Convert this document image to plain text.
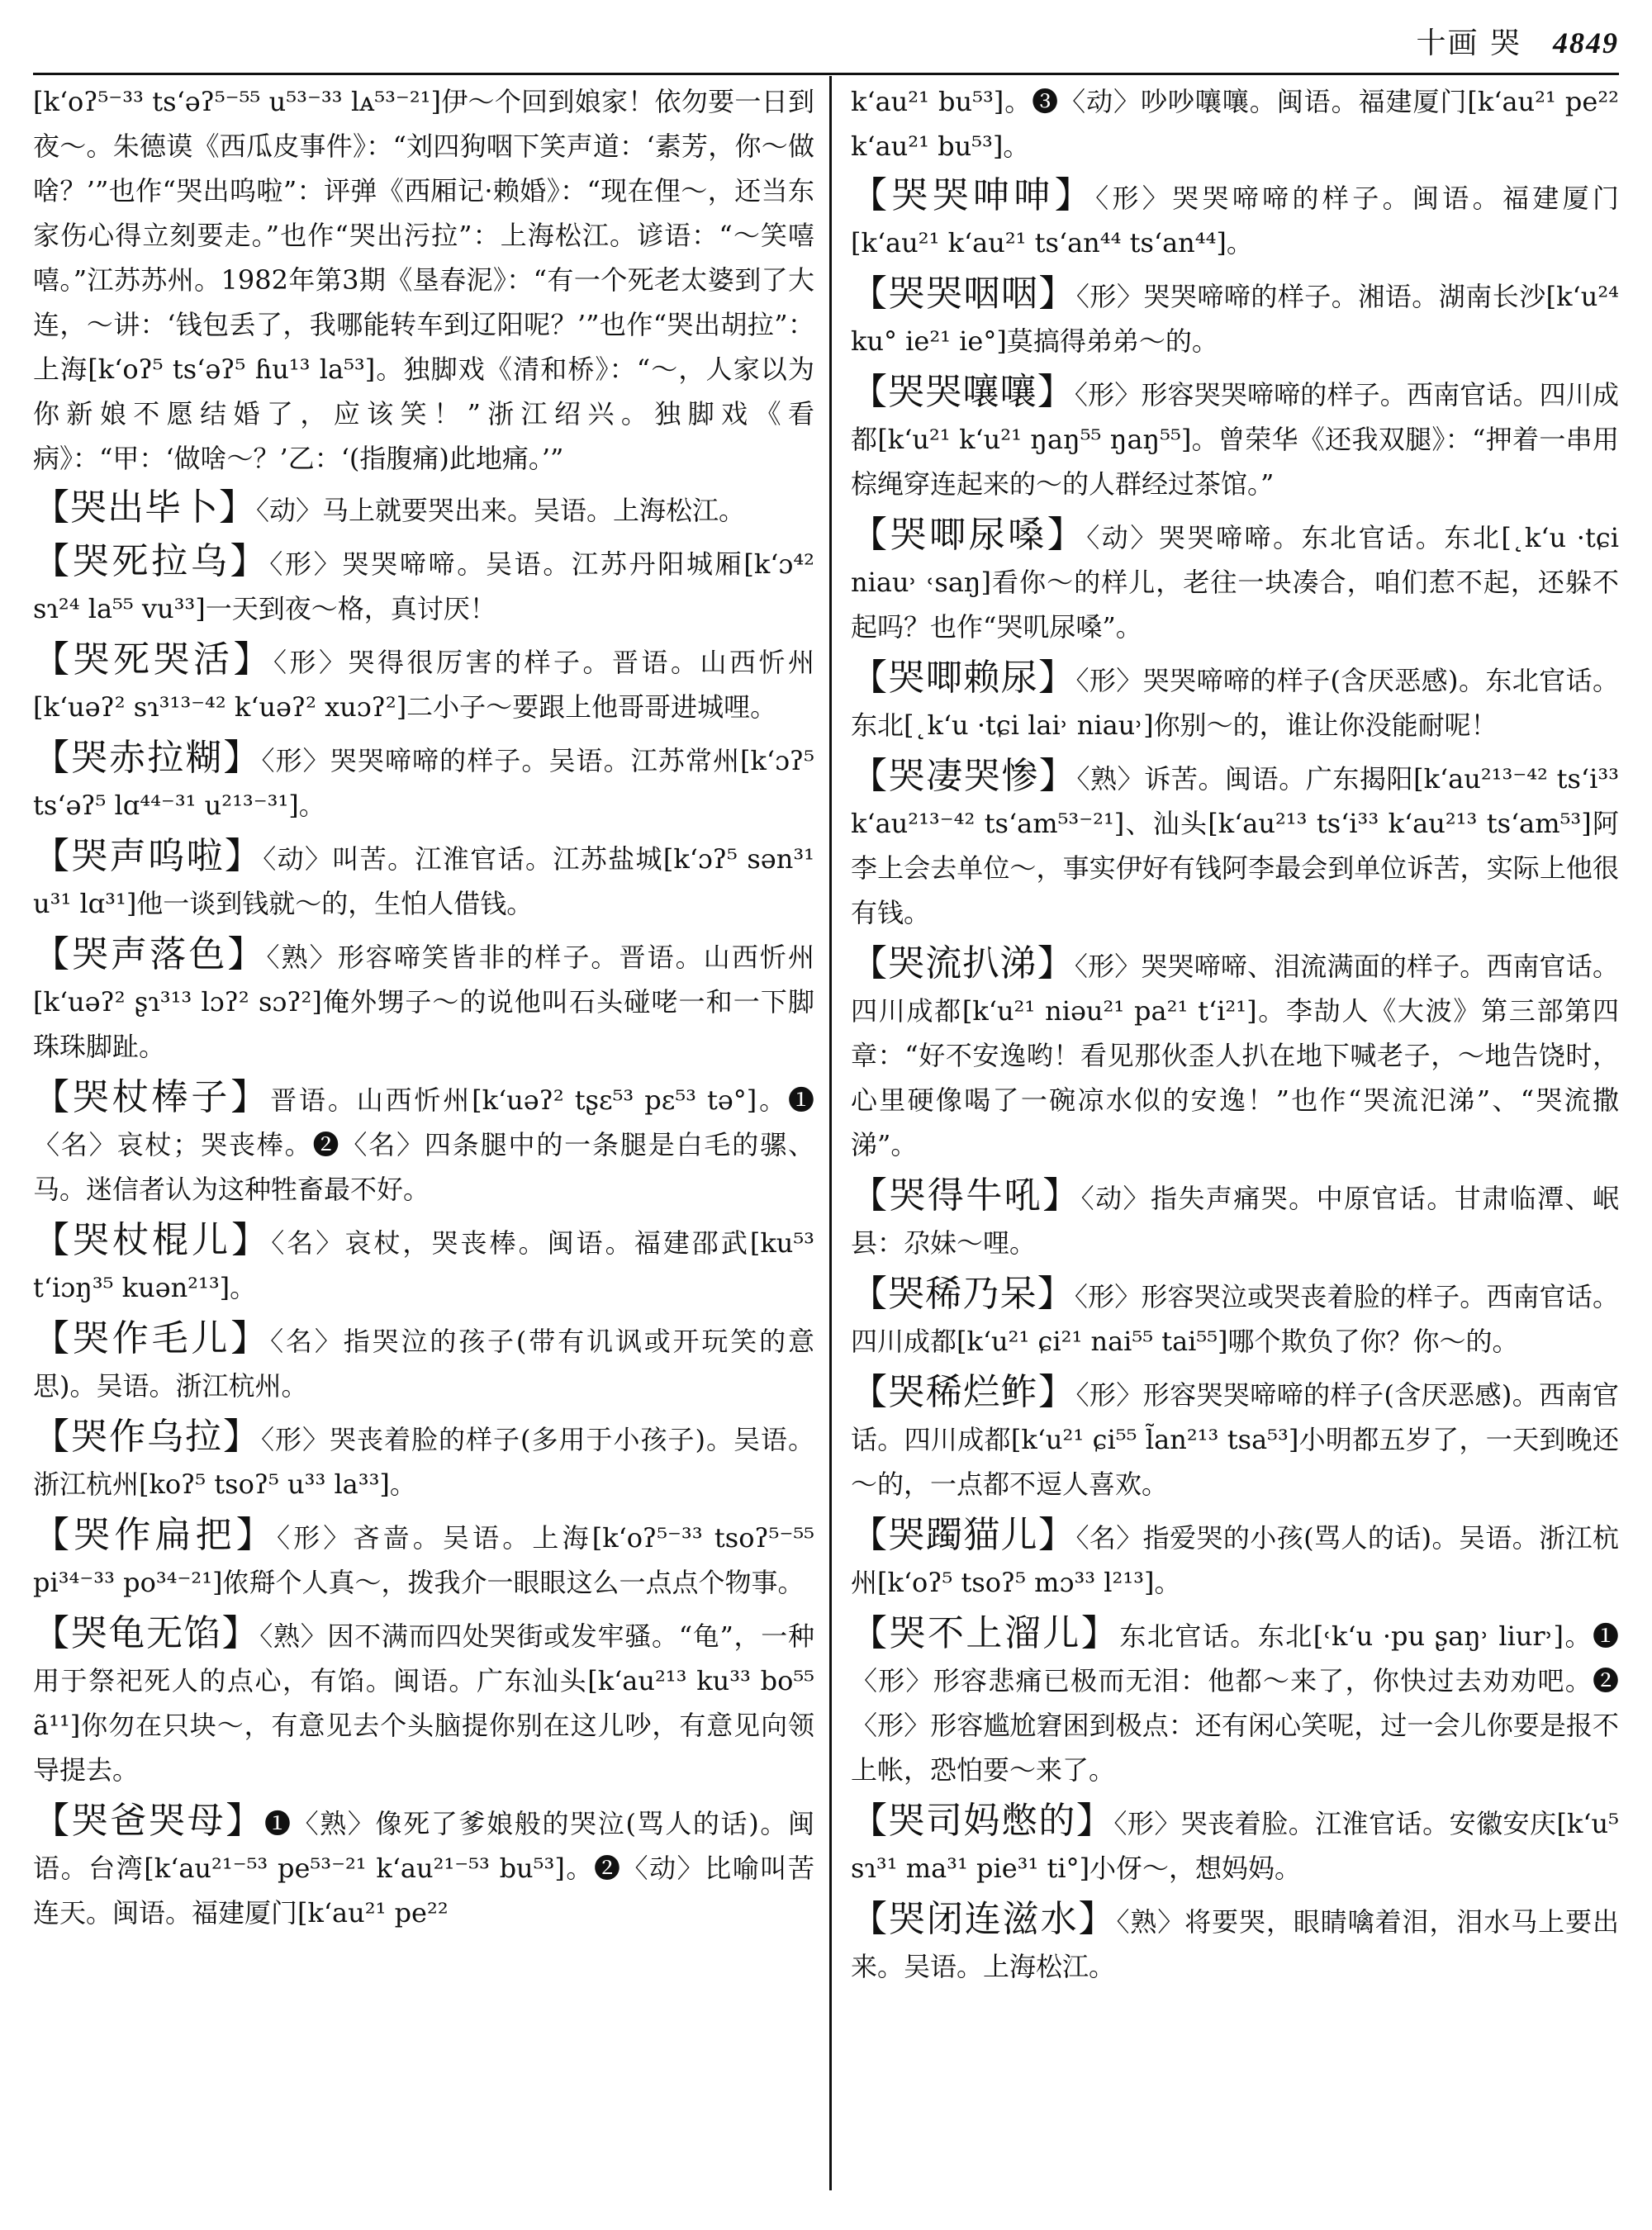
十画 哭 4849

[k‘oʔ⁵⁻³³ ts‘əʔ⁵⁻⁵⁵ u⁵³⁻³³ lᴀ⁵³⁻²¹]伊～个回到娘家！依勿要一日到夜～。朱德谟《西瓜皮事件》：“刘四狗咽下笑声道：‘素芳，你～做啥？’”也作“哭出呜啦”：评弹《西厢记·赖婚》：“现在俚～，还当东家伤心得立刻要走。”也作“哭出污拉”：上海松江。谚语：“～笑嘻嘻。”江苏苏州。1982年第3期《垦春泥》：“有一个死老太婆到了大连，～讲：‘钱包丢了，我哪能转车到辽阳呢？’”也作“哭出胡拉”：上海[k‘oʔ⁵ ts‘əʔ⁵ ɦu¹³ la⁵³]。独脚戏《清和桥》：“～，人家以为你新娘不愿结婚了，应该笑！”浙江绍兴。独脚戏《看病》：“甲：‘做啥～？’乙：‘(指腹痛)此地痛。’”

【哭出毕卜】〈动〉马上就要哭出来。吴语。上海松江。

【哭死拉乌】〈形〉哭哭啼啼。吴语。江苏丹阳城厢[k‘ɔ⁴² sɿ²⁴ la⁵⁵ vu³³]一天到夜～格，真讨厌！

【哭死哭活】〈形〉哭得很厉害的样子。晋语。山西忻州[k‘uəʔ² sɿ³¹³⁻⁴² k‘uəʔ² xuɔʔ²]二小子～要跟上他哥哥进城哩。

【哭赤拉糊】〈形〉哭哭啼啼的样子。吴语。江苏常州[k‘ɔʔ⁵ ts‘əʔ⁵ lɑ⁴⁴⁻³¹ u²¹³⁻³¹]。

【哭声呜啦】〈动〉叫苦。江淮官话。江苏盐城[k‘ɔʔ⁵ sən³¹ u³¹ lɑ³¹]他一谈到钱就～的，生怕人借钱。

【哭声落色】〈熟〉形容啼笑皆非的样子。晋语。山西忻州[k‘uəʔ² ʂɿ³¹³ lɔʔ² sɔʔ²]俺外甥子～的说他叫石头碰咾一和一下脚珠珠脚趾。

【哭杖棒子】晋语。山西忻州[k‘uəʔ² tʂɛ⁵³ pɛ⁵³ tə°]。❶〈名〉哀杖；哭丧棒。❷〈名〉四条腿中的一条腿是白毛的骡、马。迷信者认为这种牲畜最不好。

【哭杖棍儿】〈名〉哀杖，哭丧棒。闽语。福建邵武[ku⁵³ t‘iɔŋ³⁵ kuən²¹³]。

【哭作毛儿】〈名〉指哭泣的孩子(带有讥讽或开玩笑的意思)。吴语。浙江杭州。

【哭作乌拉】〈形〉哭丧着脸的样子(多用于小孩子)。吴语。浙江杭州[koʔ⁵ tsoʔ⁵ u³³ la³³]。

【哭作扁把】〈形〉吝啬。吴语。上海[k‘oʔ⁵⁻³³ tsoʔ⁵⁻⁵⁵ pi³⁴⁻³³ po³⁴⁻²¹]侬搿个人真～，拨我介一眼眼这么一点点个物事。

【哭龟无馅】〈熟〉因不满而四处哭街或发牢骚。“龟”，一种用于祭祀死人的点心，有馅。闽语。广东汕头[k‘au²¹³ ku³³ bo⁵⁵ ã¹¹]你勿在只块～，有意见去个头脑提你别在这儿吵，有意见向领导提去。

【哭爸哭母】❶〈熟〉像死了爹娘般的哭泣(骂人的话)。闽语。台湾[k‘au²¹⁻⁵³ pe⁵³⁻²¹ k‘au²¹⁻⁵³ bu⁵³]。❷〈动〉比喻叫苦连天。闽语。福建厦门[k‘au²¹ pe²²

k‘au²¹ bu⁵³]。❸〈动〉吵吵嚷嚷。闽语。福建厦门[k‘au²¹ pe²² k‘au²¹ bu⁵³]。

【哭哭呻呻】〈形〉哭哭啼啼的样子。闽语。福建厦门[k‘au²¹ k‘au²¹ ts‘an⁴⁴ ts‘an⁴⁴]。

【哭哭咽咽】〈形〉哭哭啼啼的样子。湘语。湖南长沙[k‘u²⁴ ku° ie²¹ ie°]莫搞得弟弟～的。

【哭哭嚷嚷】〈形〉形容哭哭啼啼的样子。西南官话。四川成都[k‘u²¹ k‘u²¹ ŋaŋ⁵⁵ ŋaŋ⁵⁵]。曾荣华《还我双腿》：“押着一串用棕绳穿连起来的～的人群经过茶馆。”

【哭唧尿嗓】〈动〉哭哭啼啼。东北官话。东北[˛k‘u ·tɕi niau˒ ˓saŋ]看你～的样儿，老往一块凑合，咱们惹不起，还躲不起吗？也作“哭叽尿嗓”。

【哭唧赖尿】〈形〉哭哭啼啼的样子(含厌恶感)。东北官话。东北[˛k‘u ·tɕi lai˒ niau˒]你别～的，谁让你没能耐呢！

【哭凄哭惨】〈熟〉诉苦。闽语。广东揭阳[k‘au²¹³⁻⁴² ts‘i³³ k‘au²¹³⁻⁴² ts‘am⁵³⁻²¹]、汕头[k‘au²¹³ ts‘i³³ k‘au²¹³ ts‘am⁵³]阿李上会去单位～，事实伊好有钱阿李最会到单位诉苦，实际上他很有钱。

【哭流扒涕】〈形〉哭哭啼啼、泪流满面的样子。西南官话。四川成都[k‘u²¹ niəu²¹ pa²¹ t‘i²¹]。李劼人《大波》第三部第四章：“好不安逸哟！看见那伙歪人扒在地下喊老子，～地告饶时，心里硬像喝了一碗凉水似的安逸！”也作“哭流汜涕”、“哭流撒涕”。

【哭得牛吼】〈动〉指失声痛哭。中原官话。甘肃临潭、岷县：尕妹～哩。

【哭稀乃呆】〈形〉形容哭泣或哭丧着脸的样子。西南官话。四川成都[k‘u²¹ ɕi²¹ nai⁵⁵ tai⁵⁵]哪个欺负了你？你～的。

【哭稀烂鲊】〈形〉形容哭哭啼啼的样子(含厌恶感)。西南官话。四川成都[k‘u²¹ ɕi⁵⁵ l̃an²¹³ tsa⁵³]小明都五岁了，一天到晚还～的，一点都不逗人喜欢。

【哭躅猫儿】〈名〉指爱哭的小孩(骂人的话)。吴语。浙江杭州[k‘oʔ⁵ tsoʔ⁵ mɔ³³ l²¹³]。

【哭不上溜儿】东北官话。东北[˓k‘u ·pu ʂaŋ˒ liur˒]。❶〈形〉形容悲痛已极而无泪：他都～来了，你快过去劝劝吧。❷〈形〉形容尴尬窘困到极点：还有闲心笑呢，过一会儿你要是报不上帐，恐怕要～来了。

【哭司妈憋的】〈形〉哭丧着脸。江淮官话。安徽安庆[k‘u⁵ sɿ³¹ ma³¹ pie³¹ ti°]小伢～，想妈妈。

【哭闭连滋水】〈熟〉将要哭，眼睛噙着泪，泪水马上要出来。吴语。上海松江。
